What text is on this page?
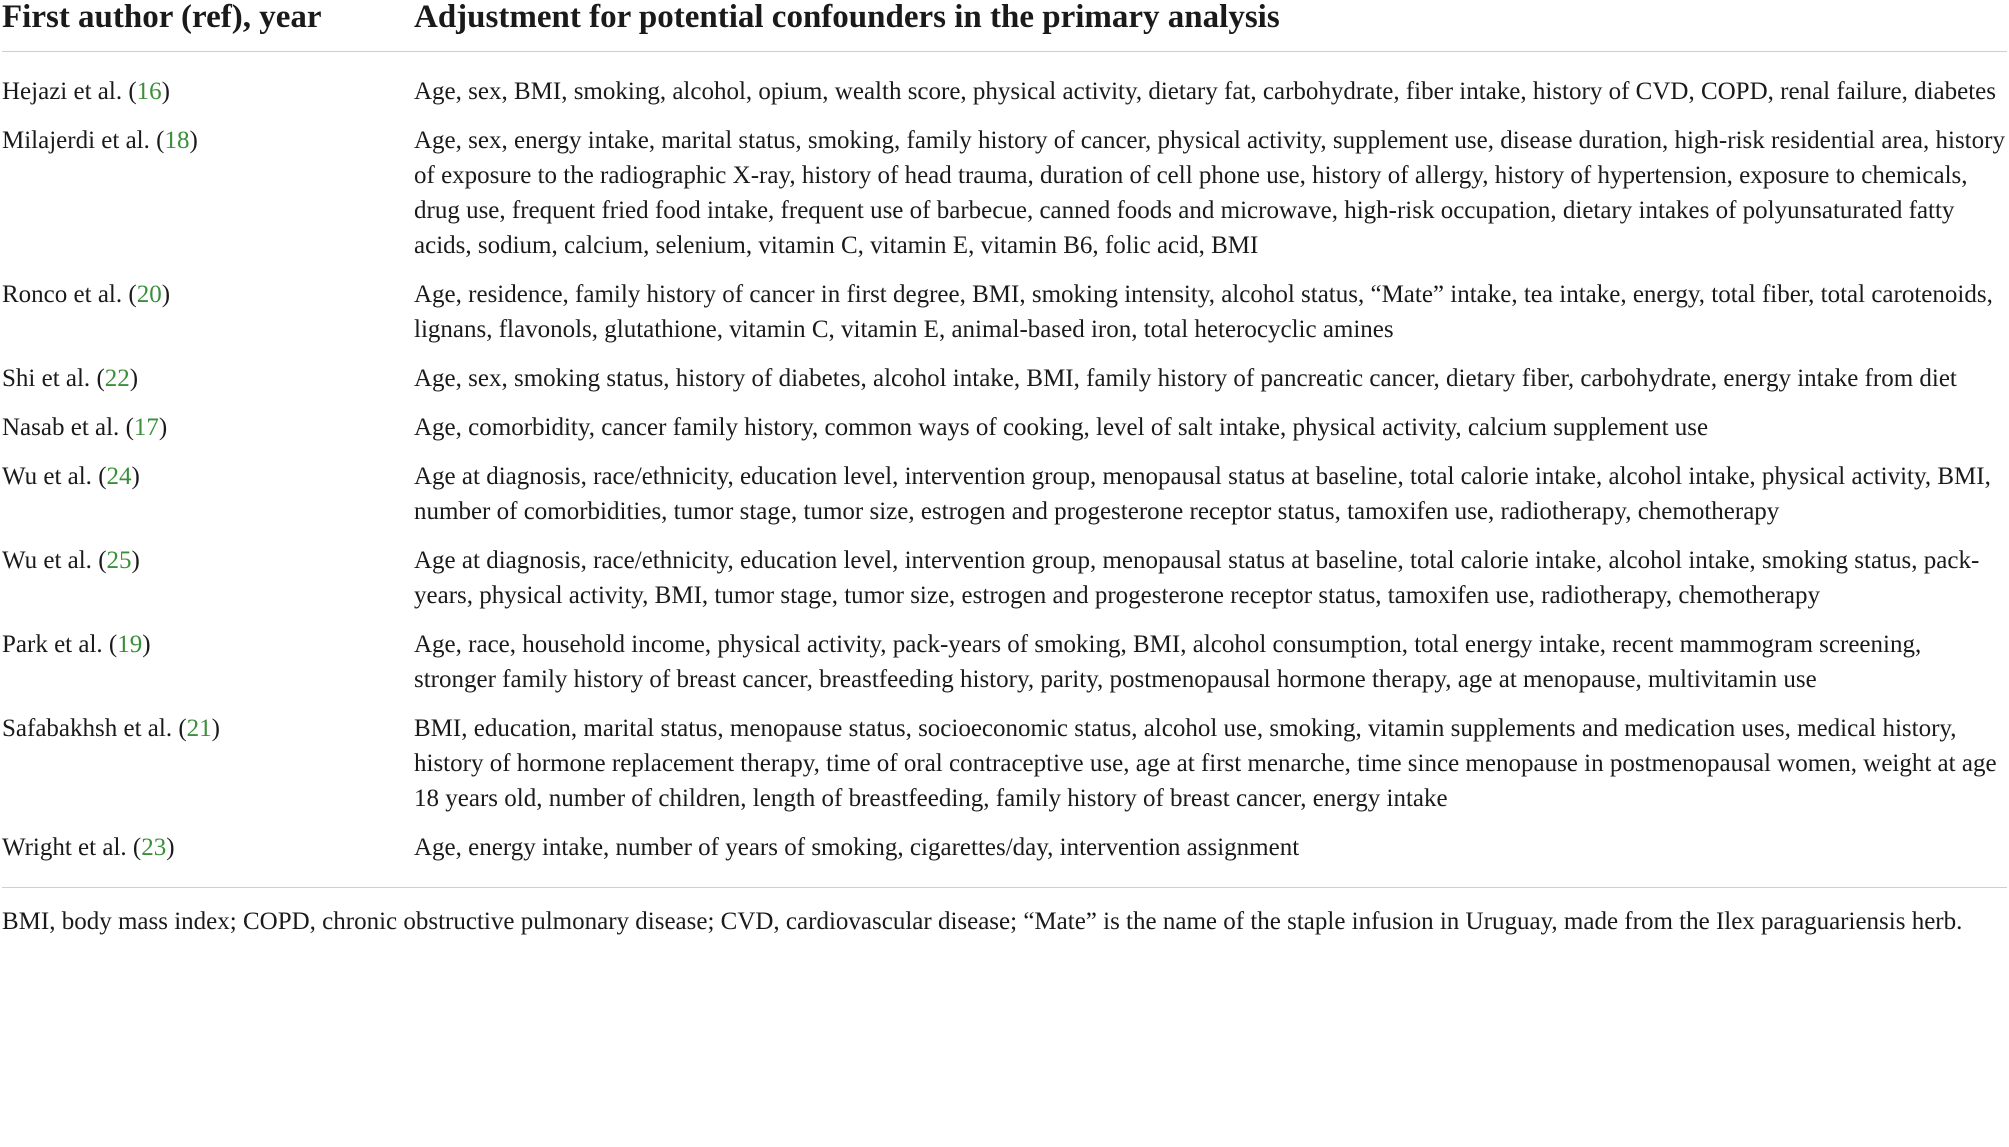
First author (ref), year	Adjustment for potential confounders in the primary analysis
Hejazi et al. (16)	Age, sex, BMI, smoking, alcohol, opium, wealth score, physical activity, dietary fat, carbohydrate, fiber intake, history of CVD, COPD, renal failure, diabetes
Milajerdi et al. (18)	Age, sex, energy intake, marital status, smoking, family history of cancer, physical activity, supplement use, disease duration, high-risk residential area, history of exposure to the radiographic X-ray, history of head trauma, duration of cell phone use, history of allergy, history of hypertension, exposure to chemicals, drug use, frequent fried food intake, frequent use of barbecue, canned foods and microwave, high-risk occupation, dietary intakes of polyunsaturated fatty acids, sodium, calcium, selenium, vitamin C, vitamin E, vitamin B6, folic acid, BMI
Ronco et al. (20)	Age, residence, family history of cancer in first degree, BMI, smoking intensity, alcohol status, “Mate” intake, tea intake, energy, total fiber, total carotenoids, lignans, flavonols, glutathione, vitamin C, vitamin E, animal-based iron, total heterocyclic amines
Shi et al. (22)	Age, sex, smoking status, history of diabetes, alcohol intake, BMI, family history of pancreatic cancer, dietary fiber, carbohydrate, energy intake from diet
Nasab et al. (17)	Age, comorbidity, cancer family history, common ways of cooking, level of salt intake, physical activity, calcium supplement use
Wu et al. (24)	Age at diagnosis, race/ethnicity, education level, intervention group, menopausal status at baseline, total calorie intake, alcohol intake, physical activity, BMI, number of comorbidities, tumor stage, tumor size, estrogen and progesterone receptor status, tamoxifen use, radiotherapy, chemotherapy
Wu et al. (25)	Age at diagnosis, race/ethnicity, education level, intervention group, menopausal status at baseline, total calorie intake, alcohol intake, smoking status, pack-years, physical activity, BMI, tumor stage, tumor size, estrogen and progesterone receptor status, tamoxifen use, radiotherapy, chemotherapy
Park et al. (19)	Age, race, household income, physical activity, pack-years of smoking, BMI, alcohol consumption, total energy intake, recent mammogram screening, stronger family history of breast cancer, breastfeeding history, parity, postmenopausal hormone therapy, age at menopause, multivitamin use
Safabakhsh et al. (21)	BMI, education, marital status, menopause status, socioeconomic status, alcohol use, smoking, vitamin supplements and medication uses, medical history, history of hormone replacement therapy, time of oral contraceptive use, age at first menarche, time since menopause in postmenopausal women, weight at age 18 years old, number of children, length of breastfeeding, family history of breast cancer, energy intake
Wright et al. (23)	Age, energy intake, number of years of smoking, cigarettes/day, intervention assignment
BMI, body mass index; COPD, chronic obstructive pulmonary disease; CVD, cardiovascular disease; “Mate” is the name of the staple infusion in Uruguay, made from the Ilex paraguariensis herb.
